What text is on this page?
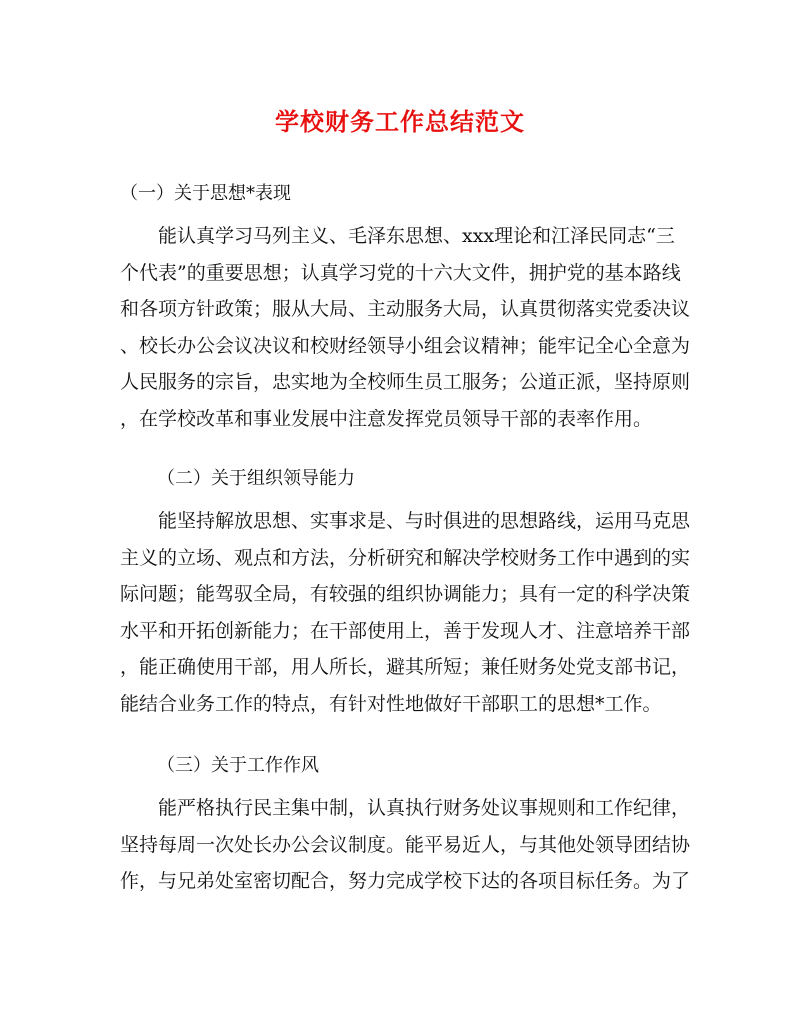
学校财务工作总结范文
（一）关于思想*表现
　　能认真学习马列主义、毛泽东思想、xxx理论和江泽民同志“三
个代表”的重要思想；认真学习党的十六大文件，拥护党的基本路线
和各项方针政策；服从大局、主动服务大局，认真贯彻落实党委决议
、校长办公会议决议和校财经领导小组会议精神；能牢记全心全意为
人民服务的宗旨，忠实地为全校师生员工服务；公道正派，坚持原则
，在学校改革和事业发展中注意发挥党员领导干部的表率作用。
（二）关于组织领导能力
　　能坚持解放思想、实事求是、与时俱进的思想路线，运用马克思
主义的立场、观点和方法，分析研究和解决学校财务工作中遇到的实
际问题；能驾驭全局，有较强的组织协调能力；具有一定的科学决策
水平和开拓创新能力；在干部使用上，善于发现人才、注意培养干部
，能正确使用干部，用人所长，避其所短；兼任财务处党支部书记，
能结合业务工作的特点，有针对性地做好干部职工的思想*工作。
（三）关于工作作风
　　能严格执行民主集中制，认真执行财务处议事规则和工作纪律，
坚持每周一次处长办公会议制度。能平易近人，与其他处领导团结协
作，与兄弟处室密切配合，努力完成学校下达的各项目标任务。为了
